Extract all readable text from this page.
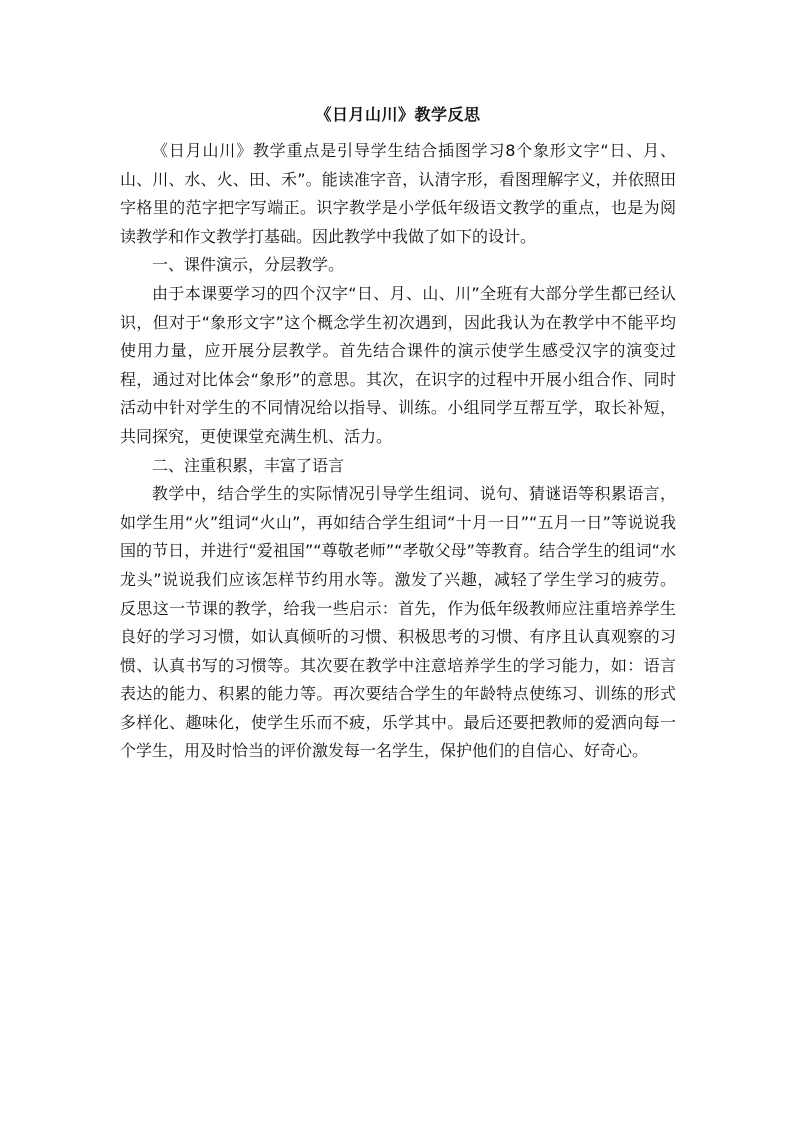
《日月山川》教学反思

《日月山川》教学重点是引导学生结合插图学习8个象形文字“日、月、山、川、水、火、田、禾”。能读准字音，认清字形，看图理解字义，并依照田字格里的范字把字写端正。识字教学是小学低年级语文教学的重点，也是为阅读教学和作文教学打基础。因此教学中我做了如下的设计。

一、课件演示，分层教学。

由于本课要学习的四个汉字“日、月、山、川”全班有大部分学生都已经认识，但对于“象形文字”这个概念学生初次遇到，因此我认为在教学中不能平均使用力量，应开展分层教学。首先结合课件的演示使学生感受汉字的演变过程，通过对比体会“象形”的意思。其次，在识字的过程中开展小组合作、同时活动中针对学生的不同情况给以指导、训练。小组同学互帮互学，取长补短，共同探究，更使课堂充满生机、活力。

二、注重积累，丰富了语言

教学中，结合学生的实际情况引导学生组词、说句、猜谜语等积累语言，如学生用“火”组词“火山”，再如结合学生组词“十月一日”“五月一日”等说说我国的节日，并进行“爱祖国”“尊敬老师”“孝敬父母”等教育。结合学生的组词“水龙头”说说我们应该怎样节约用水等。激发了兴趣，减轻了学生学习的疲劳。 反思这一节课的教学，给我一些启示：首先，作为低年级教师应注重培养学生良好的学习习惯，如认真倾听的习惯、积极思考的习惯、有序且认真观察的习惯、认真书写的习惯等。其次要在教学中注意培养学生的学习能力，如：语言表达的能力、积累的能力等。再次要结合学生的年龄特点使练习、训练的形式多样化、趣味化，使学生乐而不疲，乐学其中。最后还要把教师的爱洒向每一个学生，用及时恰当的评价激发每一名学生，保护他们的自信心、好奇心。
